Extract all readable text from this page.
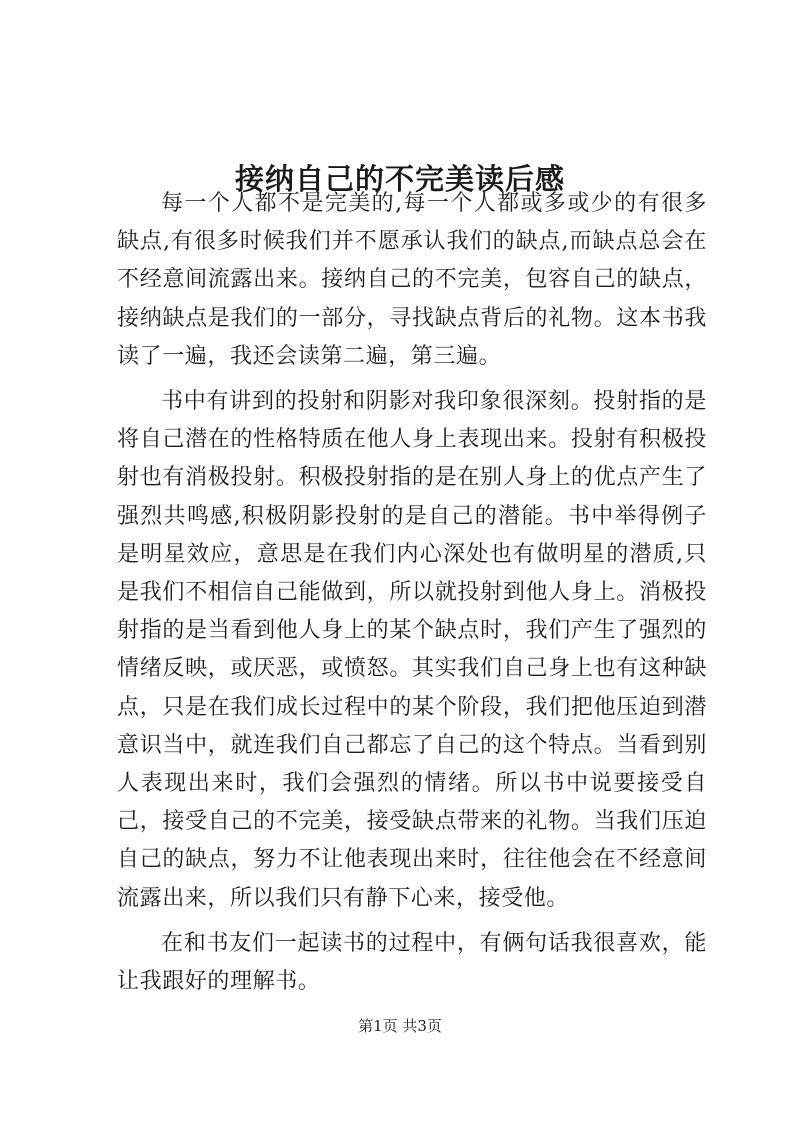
接纳自己的不完美读后感

每一个人都不是完美的,每一个人都或多或少的有很多缺点,有很多时候我们并不愿承认我们的缺点,而缺点总会在不经意间流露出来。接纳自己的不完美，包容自己的缺点，接纳缺点是我们的一部分，寻找缺点背后的礼物。这本书我读了一遍，我还会读第二遍，第三遍。

书中有讲到的投射和阴影对我印象很深刻。投射指的是将自己潜在的性格特质在他人身上表现出来。投射有积极投射也有消极投射。积极投射指的是在别人身上的优点产生了强烈共鸣感,积极阴影投射的是自己的潜能。书中举得例子是明星效应，意思是在我们内心深处也有做明星的潜质,只是我们不相信自己能做到，所以就投射到他人身上。消极投射指的是当看到他人身上的某个缺点时，我们产生了强烈的情绪反映，或厌恶，或愤怒。其实我们自己身上也有这种缺点，只是在我们成长过程中的某个阶段，我们把他压迫到潜意识当中，就连我们自己都忘了自己的这个特点。当看到别人表现出来时，我们会强烈的情绪。所以书中说要接受自己，接受自己的不完美，接受缺点带来的礼物。当我们压迫自己的缺点，努力不让他表现出来时，往往他会在不经意间流露出来，所以我们只有静下心来，接受他。

在和书友们一起读书的过程中，有俩句话我很喜欢，能让我跟好的理解书。

第1页 共3页
